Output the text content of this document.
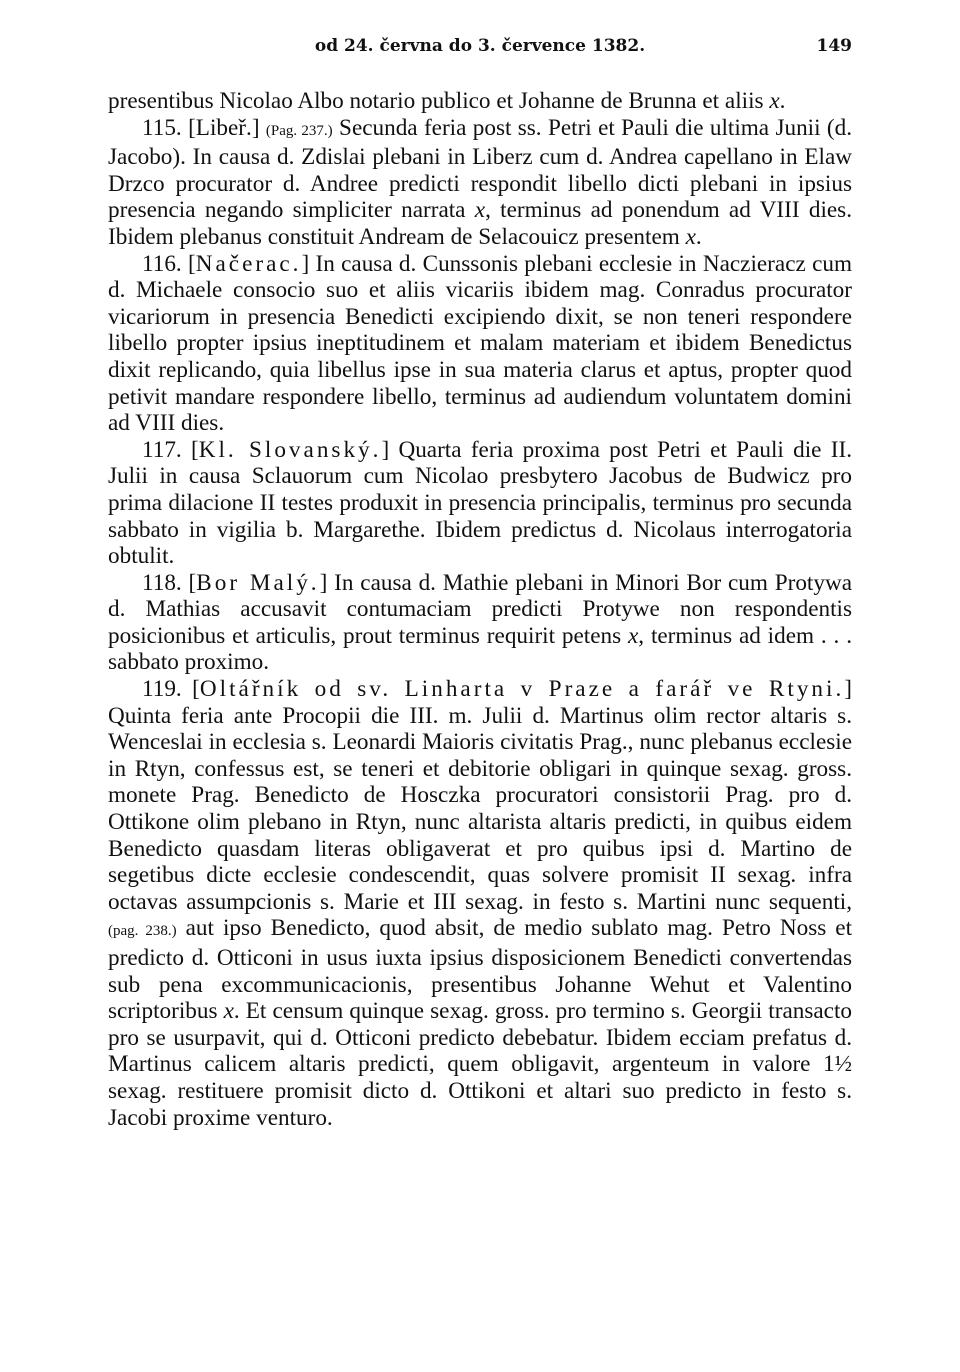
od 24. června do 3. července 1382.	149

presentibus Nicolao Albo notario publico et Johanne de Brunna et aliis x.

115. [Libeř.] (Pag. 237.) Secunda feria post ss. Petri et Pauli die ultima Junii (d. Jacobo). In causa d. Zdislai plebani in Liberz cum d. Andrea capellano in Elaw Drzco procurator d. Andree predicti respondit libello dicti plebani in ipsius presencia negando simpliciter narrata x, terminus ad ponendum ad VIII dies. Ibidem plebanus constituit Andream de Selacouicz presentem x.

116. [Načerac.] In causa d. Cunssonis plebani ecclesie in Naczieracz cum d. Michaele consocio suo et aliis vicariis ibidem mag. Conradus procurator vicariorum in presencia Benedicti excipiendo dixit, se non teneri respondere libello propter ipsius ineptitudinem et malam materiam et ibidem Benedictus dixit replicando, quia libellus ipse in sua materia clarus et aptus, propter quod petivit mandare respondere libello, terminus ad audiendum voluntatem domini ad VIII dies.

117. [Kl. Slovanský.] Quarta feria proxima post Petri et Pauli die II. Julii in causa Sclauorum cum Nicolao presbytero Jacobus de Budwicz pro prima dilacione II testes produxit in presencia principalis, terminus pro secunda sabbato in vigilia b. Margarethe. Ibidem predictus d. Nicolaus interrogatoria obtulit.

118. [Bor Malý.] In causa d. Mathie plebani in Minori Bor cum Protywa d. Mathias accusavit contumaciam predicti Protywe non respondentis posicionibus et articulis, prout terminus requirit petens x, terminus ad idem . . . sabbato proximo.

119. [Oltářník od sv. Linharta v Praze a farář ve Rtyni.] Quinta feria ante Procopii die III. m. Julii d. Martinus olim rector altaris s. Wenceslai in ecclesia s. Leonardi Maioris civitatis Prag., nunc plebanus ecclesie in Rtyn, confessus est, se teneri et debitorie obligari in quinque sexag. gross. monete Prag. Benedicto de Hosczka procuratori consistorii Prag. pro d. Ottikone olim plebano in Rtyn, nunc altarista altaris predicti, in quibus eidem Benedicto quasdam literas obligaverat et pro quibus ipsi d. Martino de segetibus dicte ecclesie condescendit, quas solvere promisit II sexag. infra octavas assumpcionis s. Marie et III sexag. in festo s. Martini nunc sequenti, (pag. 238.) aut ipso Benedicto, quod absit, de medio sublato mag. Petro Noss et predicto d. Otticoni in usus iuxta ipsius disposicionem Benedicti convertendas sub pena excommunicacionis, presentibus Johanne Wehut et Valentino scriptoribus x. Et censum quinque sexag. gross. pro termino s. Georgii transacto pro se usurpavit, qui d. Otticoni predicto debebatur. Ibidem ecciam prefatus d. Martinus calicem altaris predicti, quem obligavit, argenteum in valore 1½ sexag. restituere promisit dicto d. Ottikoni et altari suo predicto in festo s. Jacobi proxime venturo.
